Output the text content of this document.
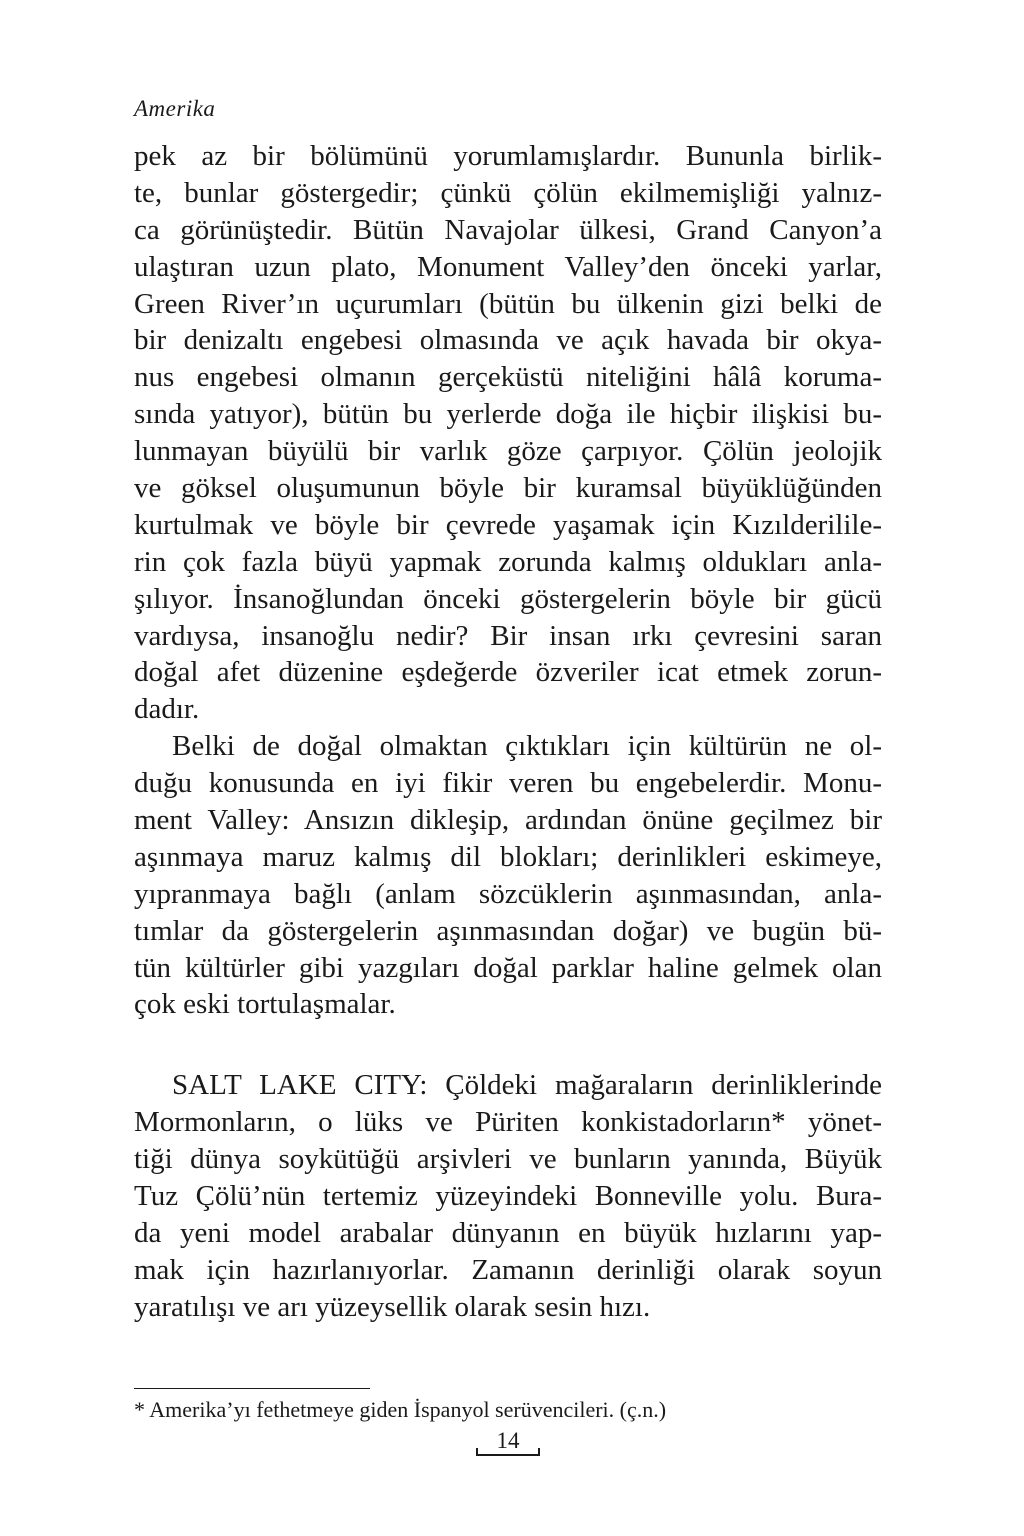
Amerika
pek az bir bölümünü yorumlamışlardır. Bununla birlik-
te, bunlar göstergedir; çünkü çölün ekilmemişliği yalnız-
ca görünüştedir. Bütün Navajolar ülkesi, Grand Canyon’a
ulaştıran uzun plato, Monument Valley’den önceki yarlar,
Green River’ın uçurumları (bütün bu ülkenin gizi belki de
bir denizaltı engebesi olmasında ve açık havada bir okya-
nus engebesi olmanın gerçeküstü niteliğini hâlâ koruma-
sında yatıyor), bütün bu yerlerde doğa ile hiçbir ilişkisi bu-
lunmayan büyülü bir varlık göze çarpıyor. Çölün jeolojik
ve göksel oluşumunun böyle bir kuramsal büyüklüğünden
kurtulmak ve böyle bir çevrede yaşamak için Kızılderilile-
rin çok fazla büyü yapmak zorunda kalmış oldukları anla-
şılıyor. İnsanoğlundan önceki göstergelerin böyle bir gücü
vardıysa, insanoğlu nedir? Bir insan ırkı çevresini saran
doğal afet düzenine eşdeğerde özveriler icat etmek zorun-
dadır.
Belki de doğal olmaktan çıktıkları için kültürün ne ol-
duğu konusunda en iyi fikir veren bu engebelerdir. Monu-
ment Valley: Ansızın dikleşip, ardından önüne geçilmez bir
aşınmaya maruz kalmış dil blokları; derinlikleri eskimeye,
yıpranmaya bağlı (anlam sözcüklerin aşınmasından, anla-
tımlar da göstergelerin aşınmasından doğar) ve bugün bü-
tün kültürler gibi yazgıları doğal parklar haline gelmek olan
çok eski tortulaşmalar.
SALT LAKE CITY: Çöldeki mağaraların derinliklerinde
Mormonların, o lüks ve Püriten konkistadorların* yönet-
tiği dünya soykütüğü arşivleri ve bunların yanında, Büyük
Tuz Çölü’nün tertemiz yüzeyindeki Bonneville yolu. Bura-
da yeni model arabalar dünyanın en büyük hızlarını yap-
mak için hazırlanıyorlar. Zamanın derinliği olarak soyun
yaratılışı ve arı yüzeysellik olarak sesin hızı.
* Amerika’yı fethetmeye giden İspanyol serüvencileri. (ç.n.)
14
